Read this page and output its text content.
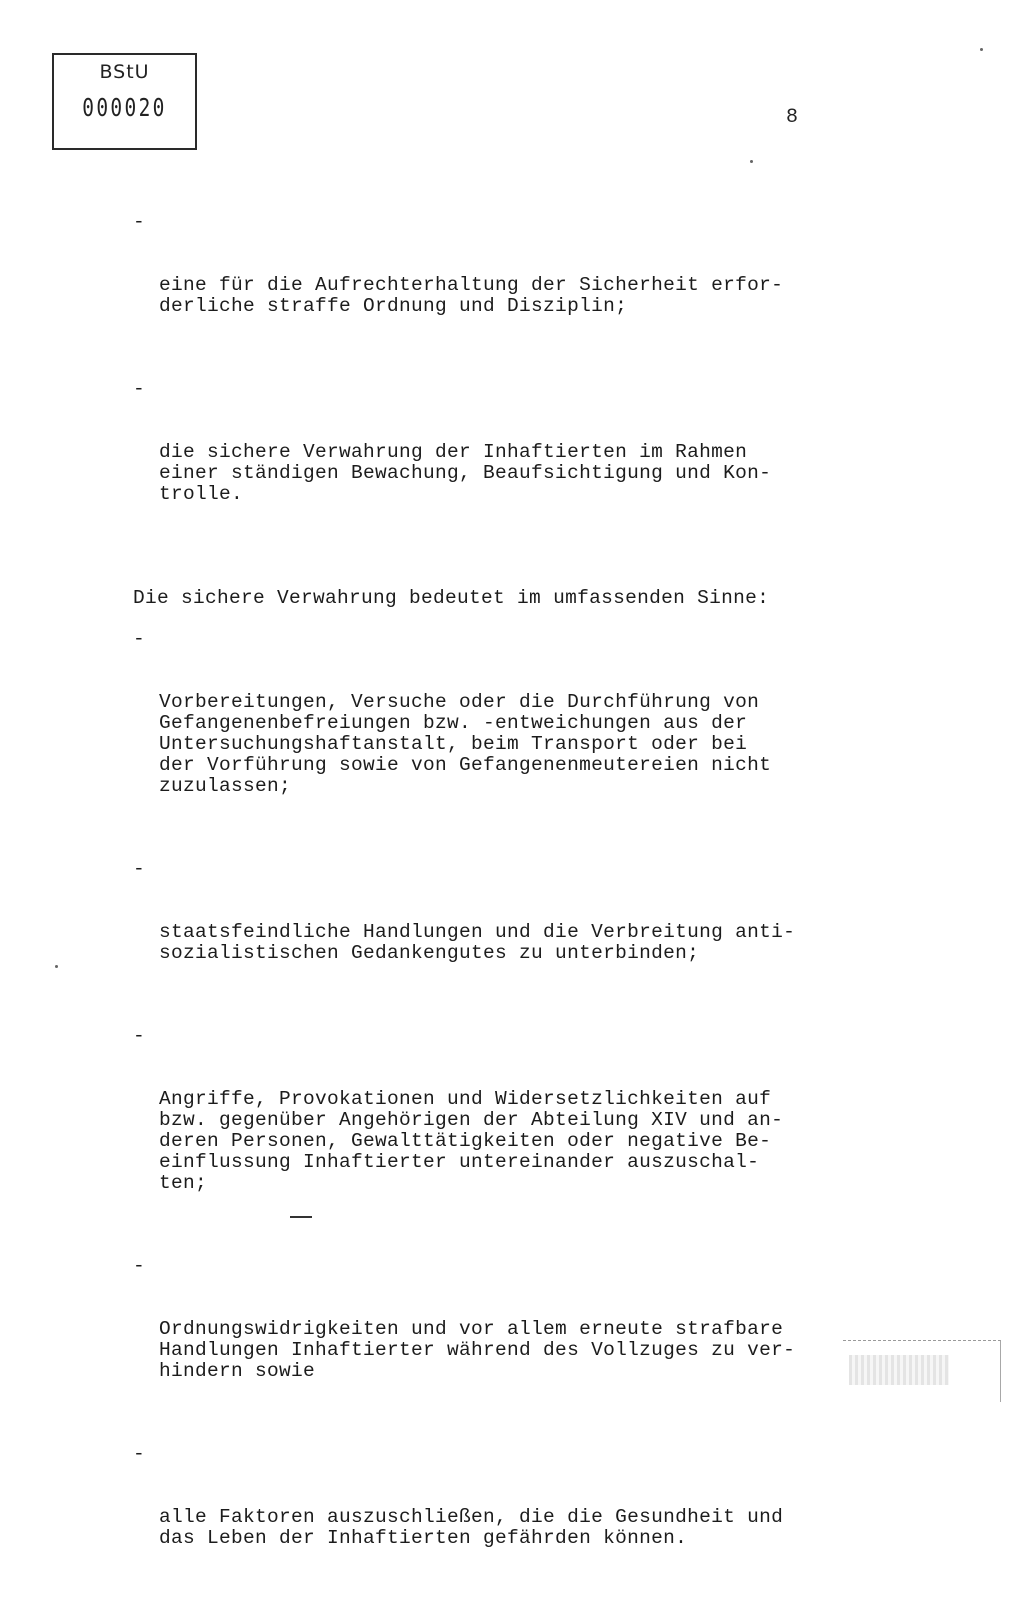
BStU
000020	8

-

eine für die Aufrechterhaltung der Sicherheit erfor-
derliche straffe Ordnung und Disziplin;

-

die sichere Verwahrung der Inhaftierten im Rahmen
einer ständigen Bewachung, Beaufsichtigung und Kon-
trolle.

Die sichere Verwahrung bedeutet im umfassenden Sinne:

-

Vorbereitungen, Versuche oder die Durchführung von
Gefangenenbefreiungen bzw. -entweichungen aus der
Untersuchungshaftanstalt, beim Transport oder bei
der Vorführung sowie von Gefangenenmeutereien nicht
zuzulassen;

-

staatsfeindliche Handlungen und die Verbreitung anti-
sozialistischen Gedankengutes zu unterbinden;

-

Angriffe, Provokationen und Widersetzlichkeiten auf
bzw. gegenüber Angehörigen der Abteilung XIV und an-
deren Personen, Gewalttätigkeiten oder negative Be-
einflussung Inhaftierter untereinander auszuschal-
ten;

-

Ordnungswidrigkeiten und vor allem erneute strafbare
Handlungen Inhaftierter während des Vollzuges zu ver-
hindern sowie

-

alle Faktoren auszuschließen, die die Gesundheit und
das Leben der Inhaftierten gefährden können.
